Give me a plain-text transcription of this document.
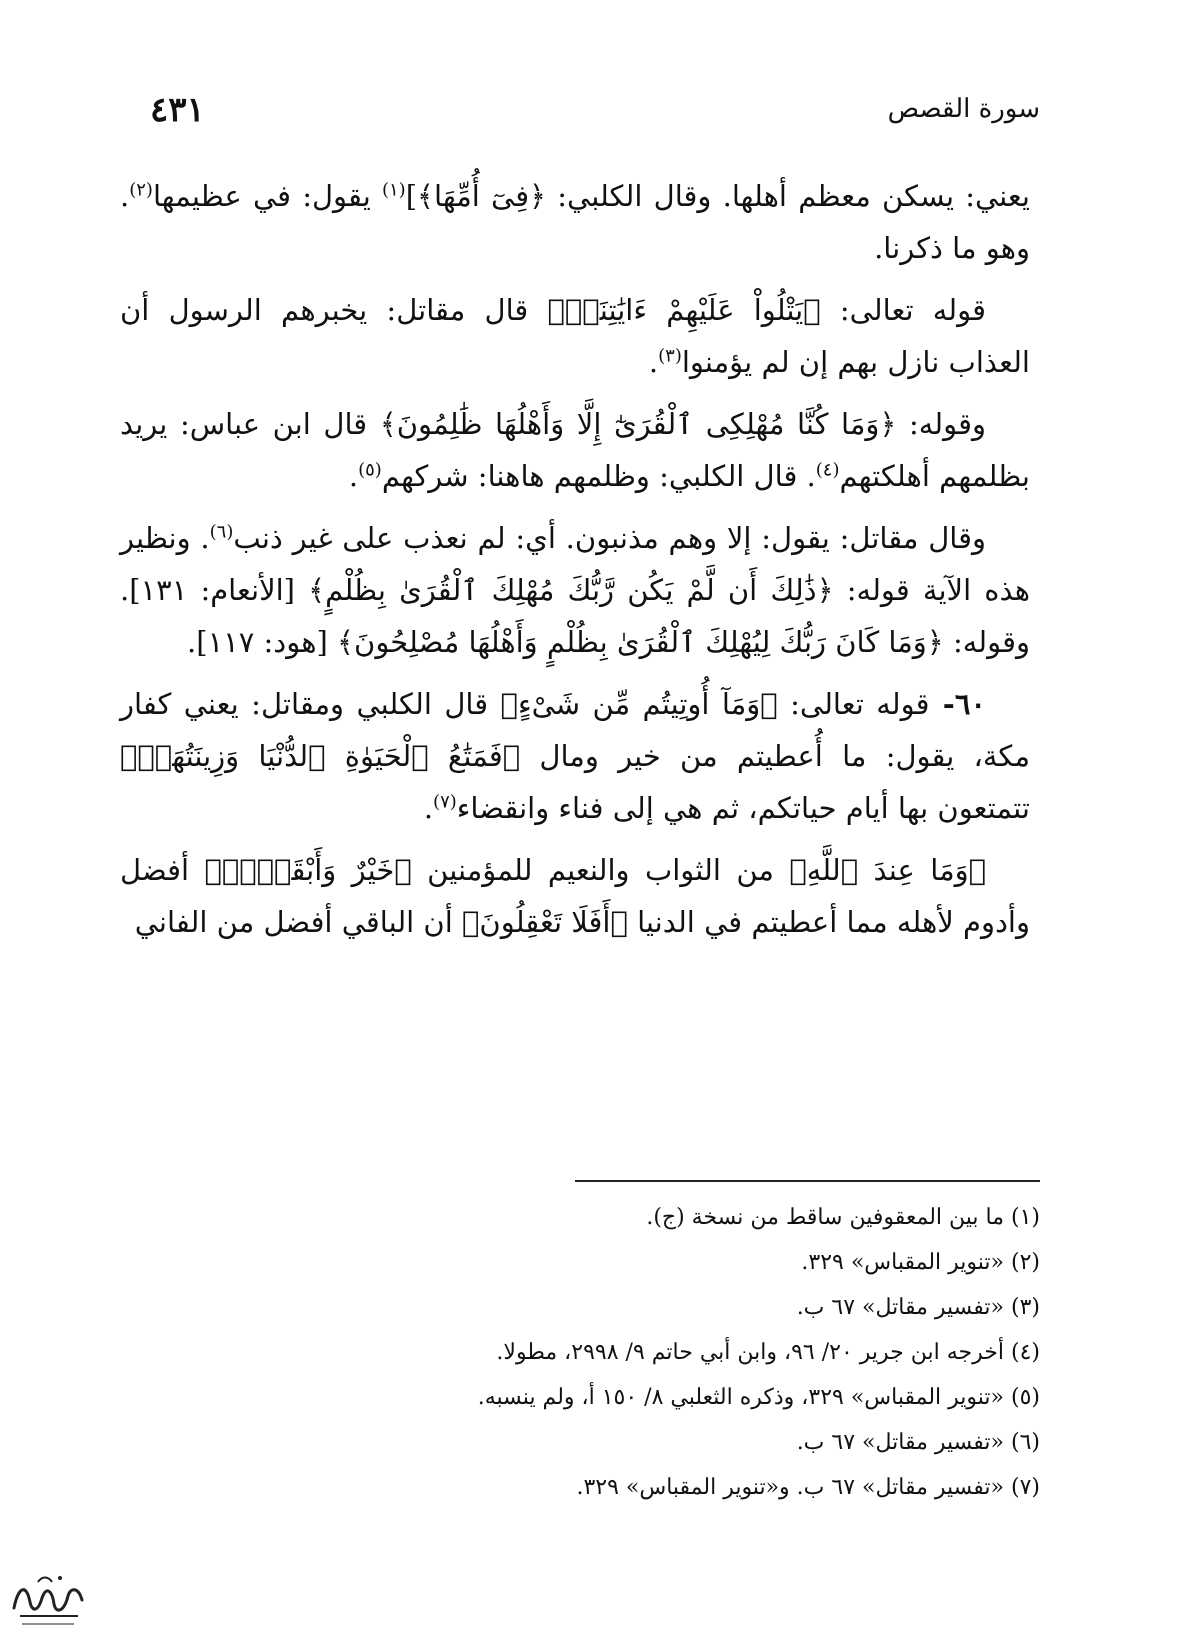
٤٣١	سورة القصص

يعني: يسكن معظم أهلها. وقال الكلبي: ﴿فِىٓ أُمِّهَا﴾]$^{(١)}$ يقول: في عظيمها$^{(٢)}$. وهو ما ذكرنا.

قوله تعالى: ﴿يَتْلُواْ عَلَيْهِمْ ءَايَٰتِنَاۚ﴾ قال مقاتل: يخبرهم الرسول أن العذاب نازل بهم إن لم يؤمنوا$^{(٣)}$.

وقوله: ﴿وَمَا كُنَّا مُهْلِكِى ٱلْقُرَىٰٓ إِلَّا وَأَهْلُهَا ظَٰلِمُونَ﴾ قال ابن عباس: يريد بظلمهم أهلكتهم$^{(٤)}$. قال الكلبي: وظلمهم هاهنا: شركهم$^{(٥)}$.

وقال مقاتل: يقول: إلا وهم مذنبون. أي: لم نعذب على غير ذنب$^{(٦)}$. ونظير هذه الآية قوله: ﴿ذَٰلِكَ أَن لَّمْ يَكُن رَّبُّكَ مُهْلِكَ ٱلْقُرَىٰ بِظُلْمٍ﴾ [الأنعام: ١٣١]. وقوله: ﴿وَمَا كَانَ رَبُّكَ لِيُهْلِكَ ٱلْقُرَىٰ بِظُلْمٍ وَأَهْلُهَا مُصْلِحُونَ﴾ [هود: ١١٧].

٦٠- قوله تعالى: ﴿وَمَآ أُوتِيتُم مِّن شَىْءٍ﴾ قال الكلبي ومقاتل: يعني كفار مكة، يقول: ما أُعطيتم من خير ومال ﴿فَمَتَٰعُ ٱلْحَيَوٰةِ ٱلدُّنْيَا وَزِينَتُهَاۚ﴾ تتمتعون بها أيام حياتكم، ثم هي إلى فناء وانقضاء$^{(٧)}$.

﴿وَمَا عِندَ ٱللَّهِ﴾ من الثواب والنعيم للمؤمنين ﴿خَيْرٌ وَأَبْقَىٰٓۚ﴾ أفضل وأدوم لأهله مما أعطيتم في الدنيا ﴿أَفَلَا تَعْقِلُونَ﴾ أن الباقي أفضل من الفاني

(١) ما بين المعقوفين ساقط من نسخة (ج).
(٢) «تنوير المقباس» ٣٢٩.
(٣) «تفسير مقاتل» ٦٧ ب.
(٤) أخرجه ابن جرير ٢٠/ ٩٦، وابن أبي حاتم ٩/ ٢٩٩٨، مطولا.
(٥) «تنوير المقباس» ٣٢٩، وذكره الثعلبي ٨/ ١٥٠ أ، ولم ينسبه.
(٦) «تفسير مقاتل» ٦٧ ب.
(٧) «تفسير مقاتل» ٦٧ ب. و«تنوير المقباس» ٣٢٩.
